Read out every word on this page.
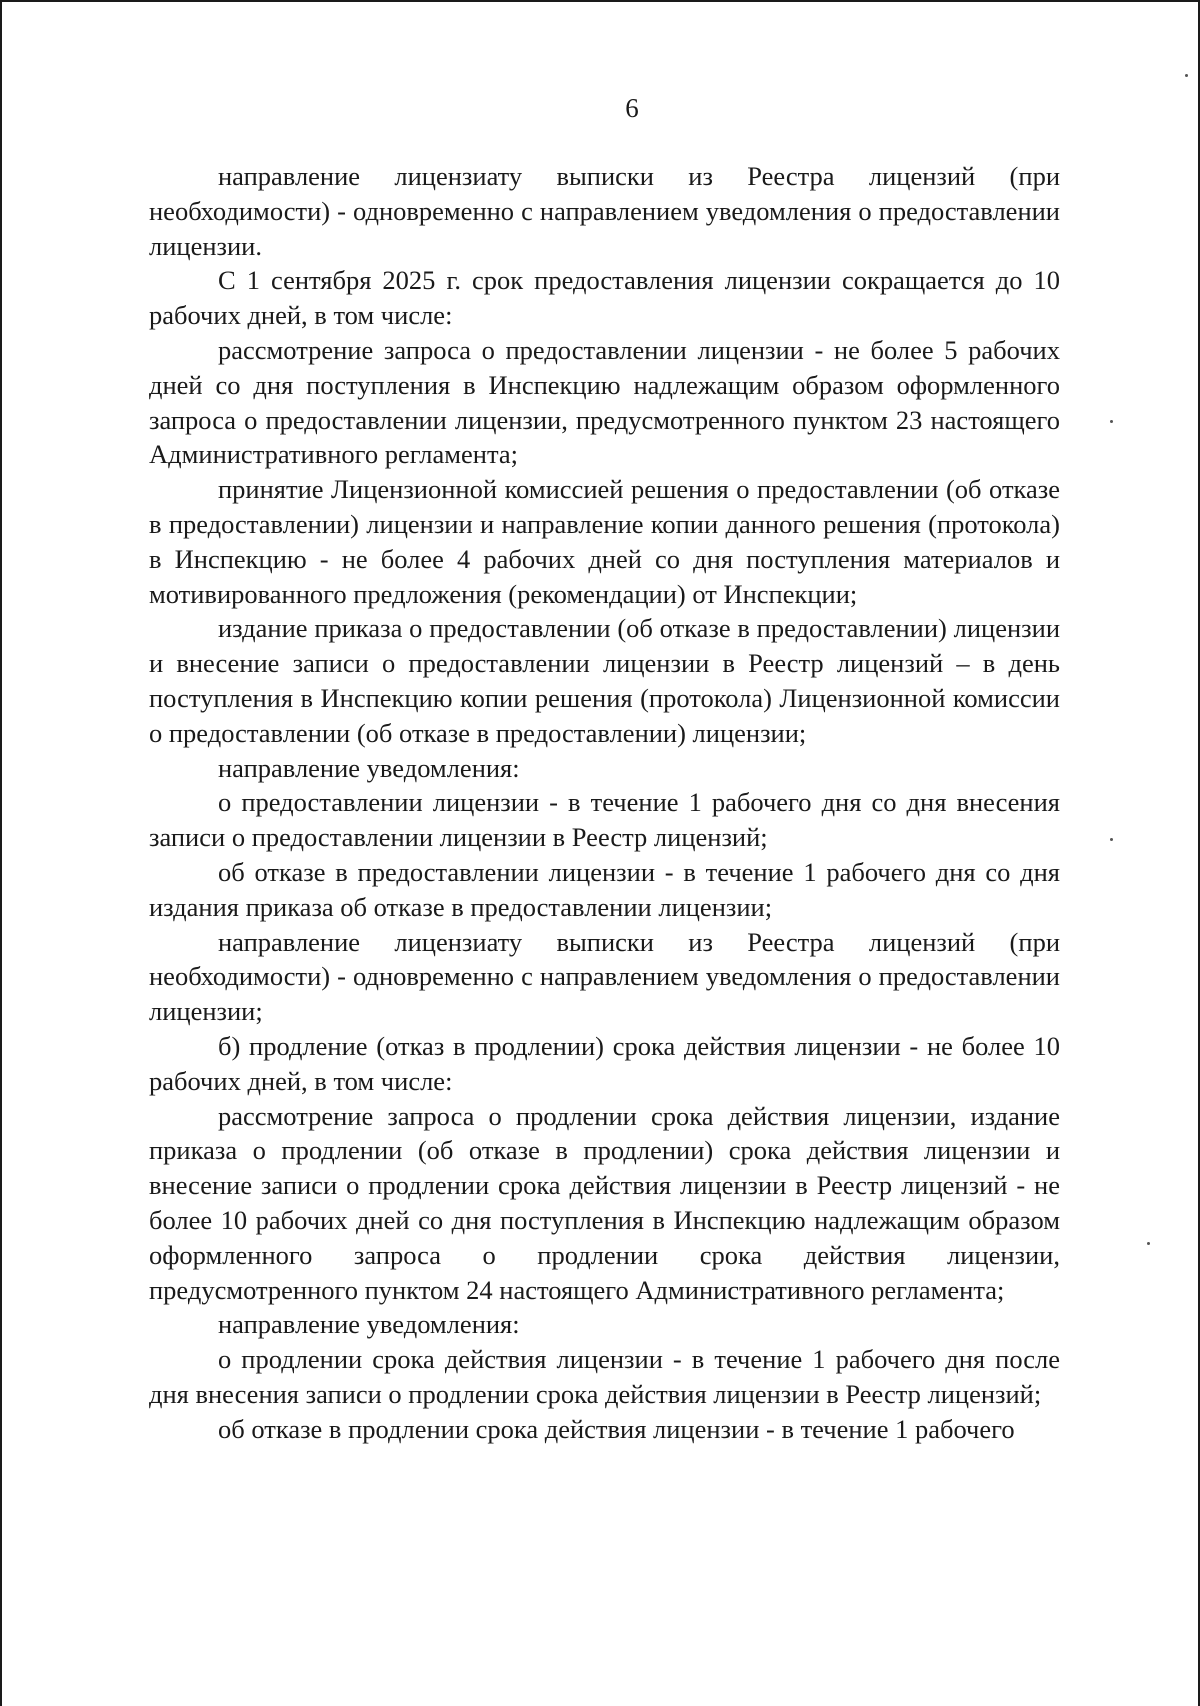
6

направление лицензиату выписки из Реестра лицензий (при необходимости) - одновременно с направлением уведомления о предоставлении лицензии.

С 1 сентября 2025 г. срок предоставления лицензии сокращается до 10 рабочих дней, в том числе:

рассмотрение запроса о предоставлении лицензии - не более 5 рабочих дней со дня поступления в Инспекцию надлежащим образом оформленного запроса о предоставлении лицензии, предусмотренного пунктом 23 настоящего Административного регламента;

принятие Лицензионной комиссией решения о предоставлении (об отказе в предоставлении) лицензии и направление копии данного решения (протокола) в Инспекцию - не более 4 рабочих дней со дня поступления материалов и мотивированного предложения (рекомендации) от Инспекции;

издание приказа о предоставлении (об отказе в предоставлении) лицензии и внесение записи о предоставлении лицензии в Реестр лицензий – в день поступления в Инспекцию копии решения (протокола) Лицензионной комиссии о предоставлении (об отказе в предоставлении) лицензии;

направление уведомления:

о предоставлении лицензии - в течение 1 рабочего дня со дня внесения записи о предоставлении лицензии в Реестр лицензий;

об отказе в предоставлении лицензии - в течение 1 рабочего дня со дня издания приказа об отказе в предоставлении лицензии;

направление лицензиату выписки из Реестра лицензий (при необходимости) - одновременно с направлением уведомления о предоставлении лицензии;

б) продление (отказ в продлении) срока действия лицензии - не более 10 рабочих дней, в том числе:

рассмотрение запроса о продлении срока действия лицензии, издание приказа о продлении (об отказе в продлении) срока действия лицензии и внесение записи о продлении срока действия лицензии в Реестр лицензий - не более 10 рабочих дней со дня поступления в Инспекцию надлежащим образом оформленного запроса о продлении срока действия лицензии, предусмотренного пунктом 24 настоящего Административного регламента;

направление уведомления:

о продлении срока действия лицензии - в течение 1 рабочего дня после дня внесения записи о продлении срока действия лицензии в Реестр лицензий;

об отказе в продлении срока действия лицензии - в течение 1 рабочего
